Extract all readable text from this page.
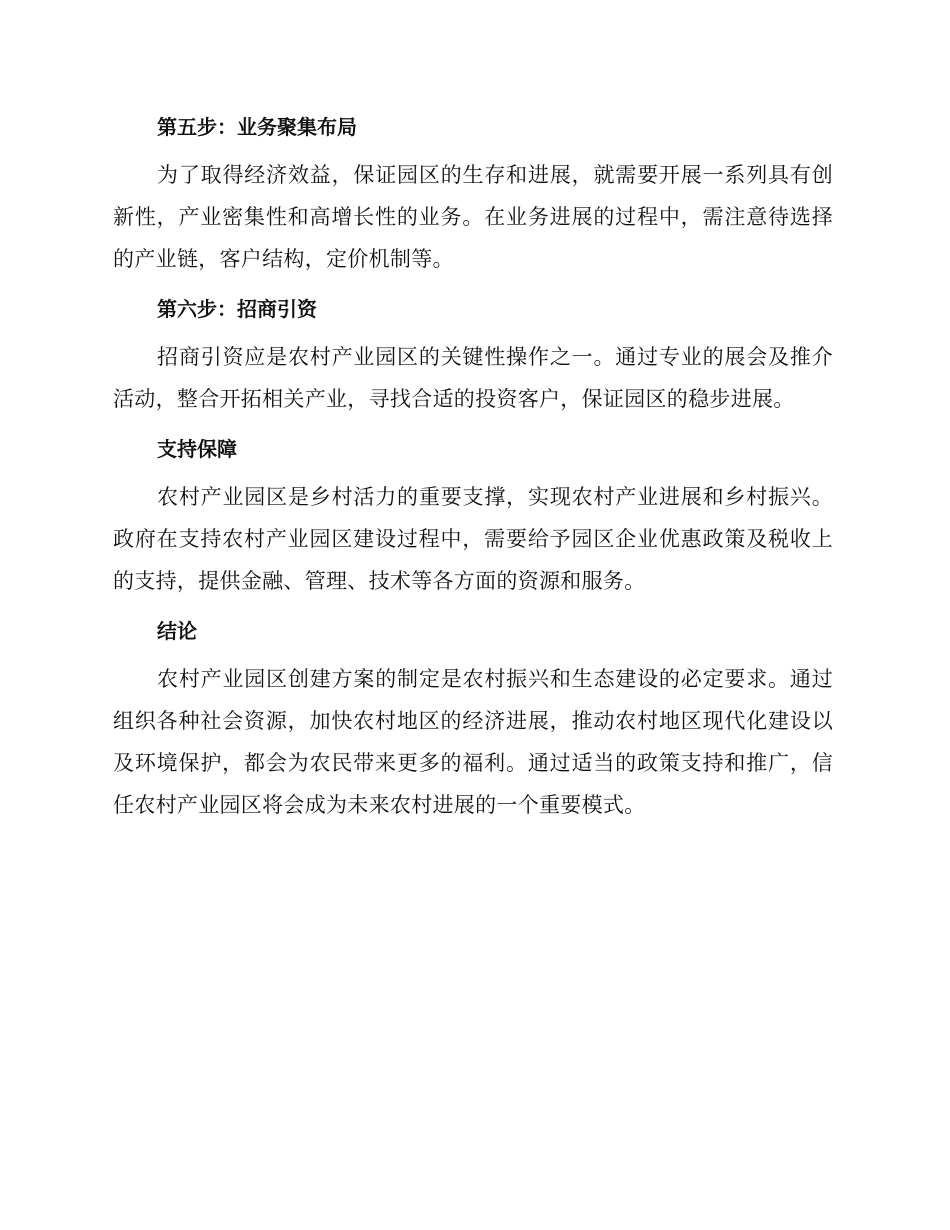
第五步：业务聚集布局

为了取得经济效益，保证园区的生存和进展，就需要开展一系列具有创新性，产业密集性和高增长性的业务。在业务进展的过程中，需注意待选择的产业链，客户结构，定价机制等。

第六步：招商引资

招商引资应是农村产业园区的关键性操作之一。通过专业的展会及推介活动，整合开拓相关产业，寻找合适的投资客户，保证园区的稳步进展。

支持保障

农村产业园区是乡村活力的重要支撑，实现农村产业进展和乡村振兴。政府在支持农村产业园区建设过程中，需要给予园区企业优惠政策及税收上的支持，提供金融、管理、技术等各方面的资源和服务。

结论

农村产业园区创建方案的制定是农村振兴和生态建设的必定要求。通过组织各种社会资源，加快农村地区的经济进展，推动农村地区现代化建设以及环境保护，都会为农民带来更多的福利。通过适当的政策支持和推广，信任农村产业园区将会成为未来农村进展的一个重要模式。
